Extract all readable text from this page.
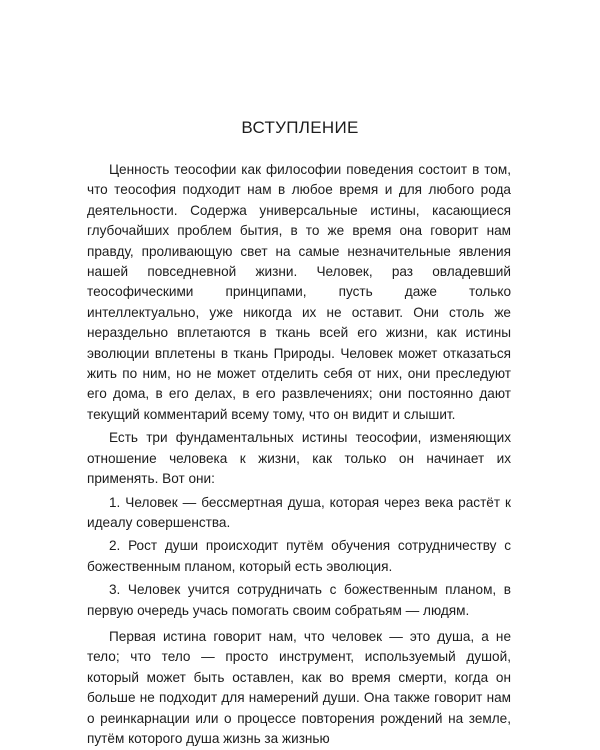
ВСТУПЛЕНИЕ

Ценность теософии как философии поведения состоит в том, что теософия подходит нам в любое время и для любого рода деятельности. Содержа универсальные истины, касающиеся глубочайших проблем бытия, в то же время она говорит нам правду, проливающую свет на самые незначительные явления нашей повседневной жизни. Человек, раз овладевший теософическими принципами, пусть даже только интеллектуально, уже никогда их не оставит. Они столь же нераздельно вплетаются в ткань всей его жизни, как истины эволюции вплетены в ткань Природы. Человек может отказаться жить по ним, но не может отделить себя от них, они преследуют его дома, в его делах, в его развлечениях; они постоянно дают текущий комментарий всему тому, что он видит и слышит.

Есть три фундаментальных истины теософии, изменяющих отношение человека к жизни, как только он начинает их применять. Вот они:

1. Человек — бессмертная душа, которая через века растёт к идеалу совершенства.

2. Рост души происходит путём обучения сотрудничеству с божественным планом, который есть эволюция.

3. Человек учится сотрудничать с божественным планом, в первую очередь учась помогать своим собратьям — людям.

Первая истина говорит нам, что человек — это душа, а не тело; что тело — просто инструмент, используемый душой, который может быть оставлен, как во время смерти, когда он больше не подходит для намерений души. Она также говорит нам о реинкарнации или о процессе повторения рождений на земле, путём которого душа жизнь за жизнью
